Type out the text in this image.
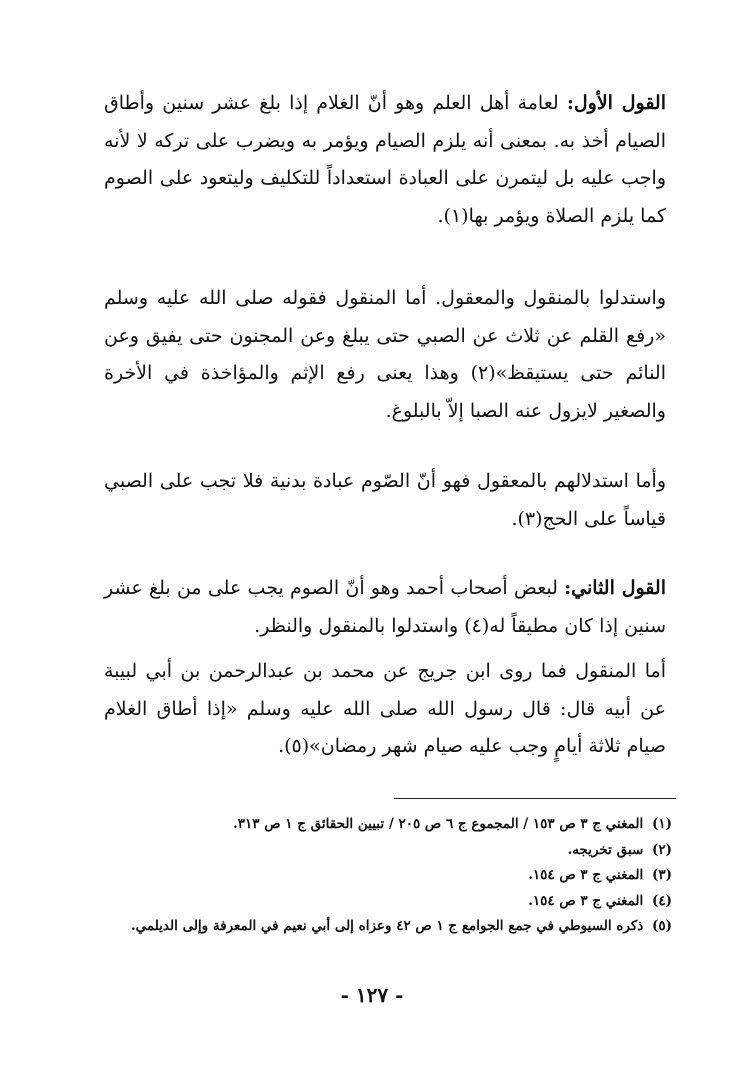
القول الأول: لعامة أهل العلم وهو أنّ الغلام إذا بلغ عشر سنين وأطاق الصيام أخذ به. بمعنى أنه يلزم الصيام ويؤمر به ويضرب على تركه لا لأنه واجب عليه بل ليتمرن على العبادة استعداداً للتكليف وليتعود على الصوم كما يلزم الصلاة ويؤمر بها(١).

واستدلوا بالمنقول والمعقول. أما المنقول فقوله صلى الله عليه وسلم «رفع القلم عن ثلاث عن الصبي حتى يبلغ وعن المجنون حتى يفيق وعن النائم حتى يستيقظ»(٢) وهذا يعنى رفع الإثم والمؤاخذة في الأخرة والصغير لايزول عنه الصبا إلاّ بالبلوغ.

وأما استدلالهم بالمعقول فهو أنّ الصّوم عبادة بدنية فلا تجب على الصبي قياساً على الحج(٣).

القول الثاني: لبعض أصحاب أحمد وهو أنّ الصوم يجب على من بلغ عشر سنين إذا كان مطيقاً له(٤) واستدلوا بالمنقول والنظر.

أما المنقول فما روى ابن جريج عن محمد بن عبدالرحمن بن أبي لبيبة عن أبيه قال: قال رسول الله صلى الله عليه وسلم «إذا أطاق الغلام صيام ثلاثة أيامٍ وجب عليه صيام شهر رمضان»(٥).

(١) المغني ج ٣ ص ١٥٣ / المجموع ج ٦ ص ٢٠٥ / تبيين الحقائق ج ١ ص ٣١٣.
(٢) سبق تخريجه.
(٣) المغني ج ٣ ص ١٥٤.
(٤) المغني ج ٣ ص ١٥٤.
(٥) ذكره السيوطي في جمع الجوامع ج ١ ص ٤٢ وعزاه إلى أبي نعيم في المعرفة وإلى الديلمي.
- ١٢٧ -
